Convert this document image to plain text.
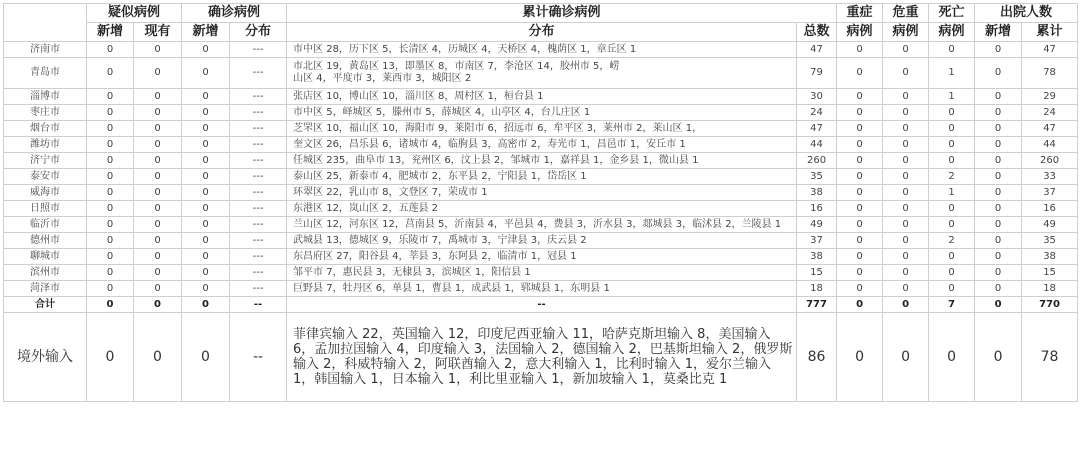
	疑似病例		确诊病例		累计确诊病例		重症	危重	死亡	出院人数	
	新增	现有	新增	分布	分布	总数	病例	病例	病例	新增	累计
济南市	0	0	0	---	市中区 28，历下区 5，长清区 4，历城区 4，天桥区 4，槐荫区 1，章丘区 1	47	0	0	0	0	47
青岛市	0	0	0	---	市北区 19，黄岛区 13，即墨区 8，市南区 7，李沧区 14，胶州市 5，崂山区 4，平度市 3，莱西市 3，城阳区 2	79	0	0	1	0	78
淄博市	0	0	0	---	张店区 10，博山区 10，淄川区 8，周村区 1，桓台县 1	30	0	0	1	0	29
枣庄市	0	0	0	---	市中区 5，峄城区 5，滕州市 5，薛城区 4，山亭区 4，台儿庄区 1	24	0	0	0	0	24
烟台市	0	0	0	---	芝罘区 10，福山区 10，海阳市 9，莱阳市 6，招远市 6，牟平区 3，莱州市 2，莱山区 1，	47	0	0	0	0	47
潍坊市	0	0	0	---	奎文区 26，昌乐县 6，诸城市 4，临朐县 3，高密市 2，寿光市 1，昌邑市 1，安丘市 1	44	0	0	0	0	44
济宁市	0	0	0	---	任城区 235，曲阜市 13，兖州区 6，汶上县 2，邹城市 1，嘉祥县 1，金乡县 1，微山县 1	260	0	0	0	0	260
泰安市	0	0	0	---	泰山区 25，新泰市 4，肥城市 2，东平县 2，宁阳县 1，岱岳区 1	35	0	0	2	0	33
威海市	0	0	0	---	环翠区 22，乳山市 8，文登区 7，荣成市 1	38	0	0	1	0	37
日照市	0	0	0	---	东港区 12，岚山区 2，五莲县 2	16	0	0	0	0	16
临沂市	0	0	0	---	兰山区 12，河东区 12，莒南县 5，沂南县 4，平邑县 4，费县 3，沂水县 3，郯城县 3，临沭县 2，兰陵县 1	49	0	0	0	0	49
德州市	0	0	0	---	武城县 13，德城区 9，乐陵市 7，禹城市 3，宁津县 3，庆云县 2	37	0	0	2	0	35
聊城市	0	0	0	---	东昌府区 27，阳谷县 4，莘县 3，东阿县 2，临清市 1，冠县 1	38	0	0	0	0	38
滨州市	0	0	0	---	邹平市 7，惠民县 3，无棣县 3，滨城区 1，阳信县 1	15	0	0	0	0	15
菏泽市	0	0	0	---	巨野县 7，牡丹区 6，单县 1，曹县 1，成武县 1，郓城县 1，东明县 1	18	0	0	0	0	18
合计	0	0	0	--	--	777	0	0	7	0	770
境外输入	0	0	0	--	菲律宾输入 22，英国输入 12，印度尼西亚输入 11，哈萨克斯坦输入 8，美国输入 6，孟加拉国输入 4，印度输入 3，法国输入 2，德国输入 2，巴基斯坦输入 2，俄罗斯输入 2，科威特输入 2，阿联酋输入 2，意大利输入 1，比利时输入 1，爱尔兰输入 1，韩国输入 1，日本输入 1，利比里亚输入 1，新加坡输入 1，莫桑比克 1	86	0	0	0	0	78
